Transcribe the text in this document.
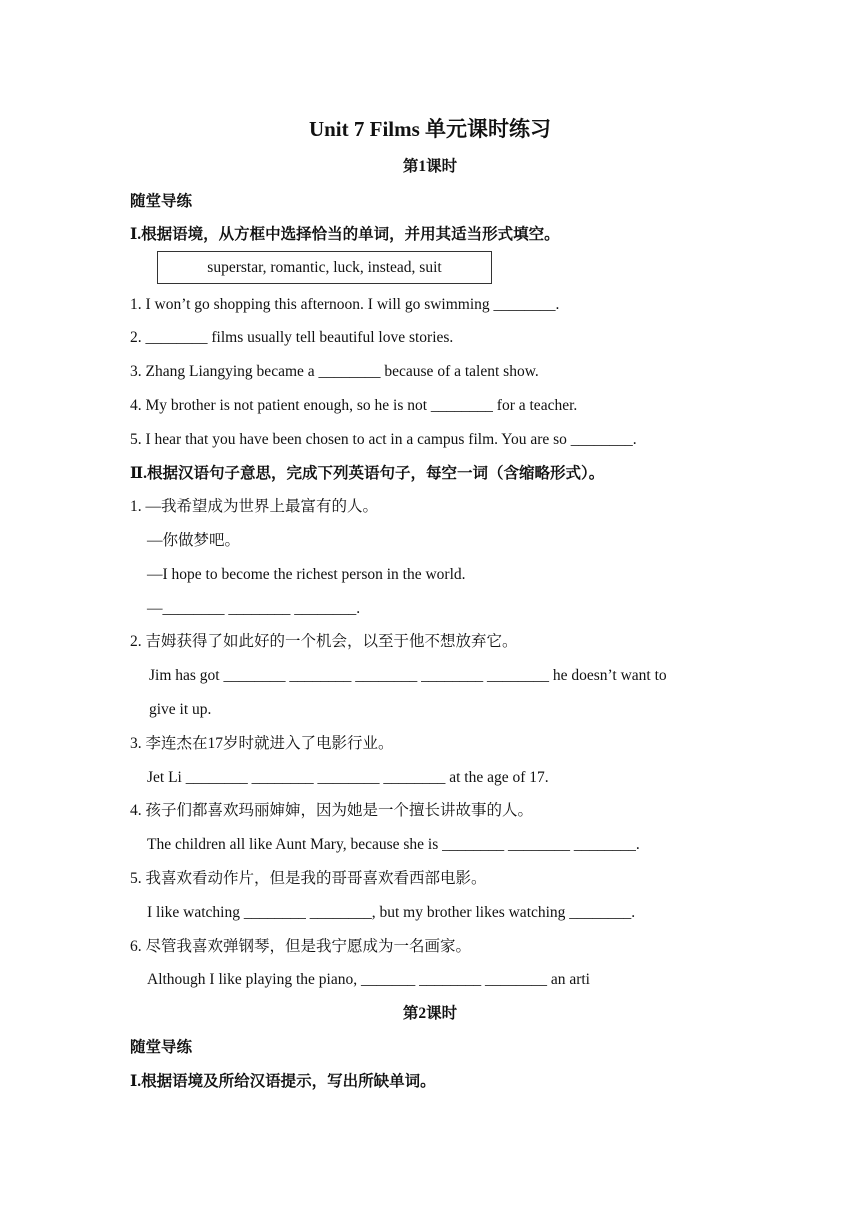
Unit 7 Films 单元课时练习
第1课时
随堂导练
Ⅰ.根据语境，从方框中选择恰当的单词，并用其适当形式填空。
superstar, romantic, luck, instead, suit
1. I won’t go shopping this afternoon. I will go swimming ________.
2. ________ films usually tell beautiful love stories.
3. Zhang Liangying became a ________ because of a talent show.
4. My brother is not patient enough, so he is not ________ for a teacher.
5. I hear that you have been chosen to act in a campus film. You are so ________.
Ⅱ.根据汉语句子意思，完成下列英语句子，每空一词（含缩略形式）。
1. —我希望成为世界上最富有的人。
—你做梦吧。
—I hope to become the richest person in the world.
—________ ________ ________.
2. 吉姆获得了如此好的一个机会，以至于他不想放弃它。
Jim has got ________ ________ ________ ________ ________ he doesn’t want to
give it up.
3. 李连杰在17岁时就进入了电影行业。
Jet Li ________ ________ ________ ________ at the age of 17.
4. 孩子们都喜欢玛丽婶婶，因为她是一个擅长讲故事的人。
The children all like Aunt Mary, because she is ________ ________ ________.
5. 我喜欢看动作片，但是我的哥哥喜欢看西部电影。
I like watching ________ ________, but my brother likes watching ________.
6. 尽管我喜欢弹钢琴，但是我宁愿成为一名画家。
Although I like playing the piano, _______ ________ ________ an arti
第2课时
随堂导练
Ⅰ.根据语境及所给汉语提示，写出所缺单词。
